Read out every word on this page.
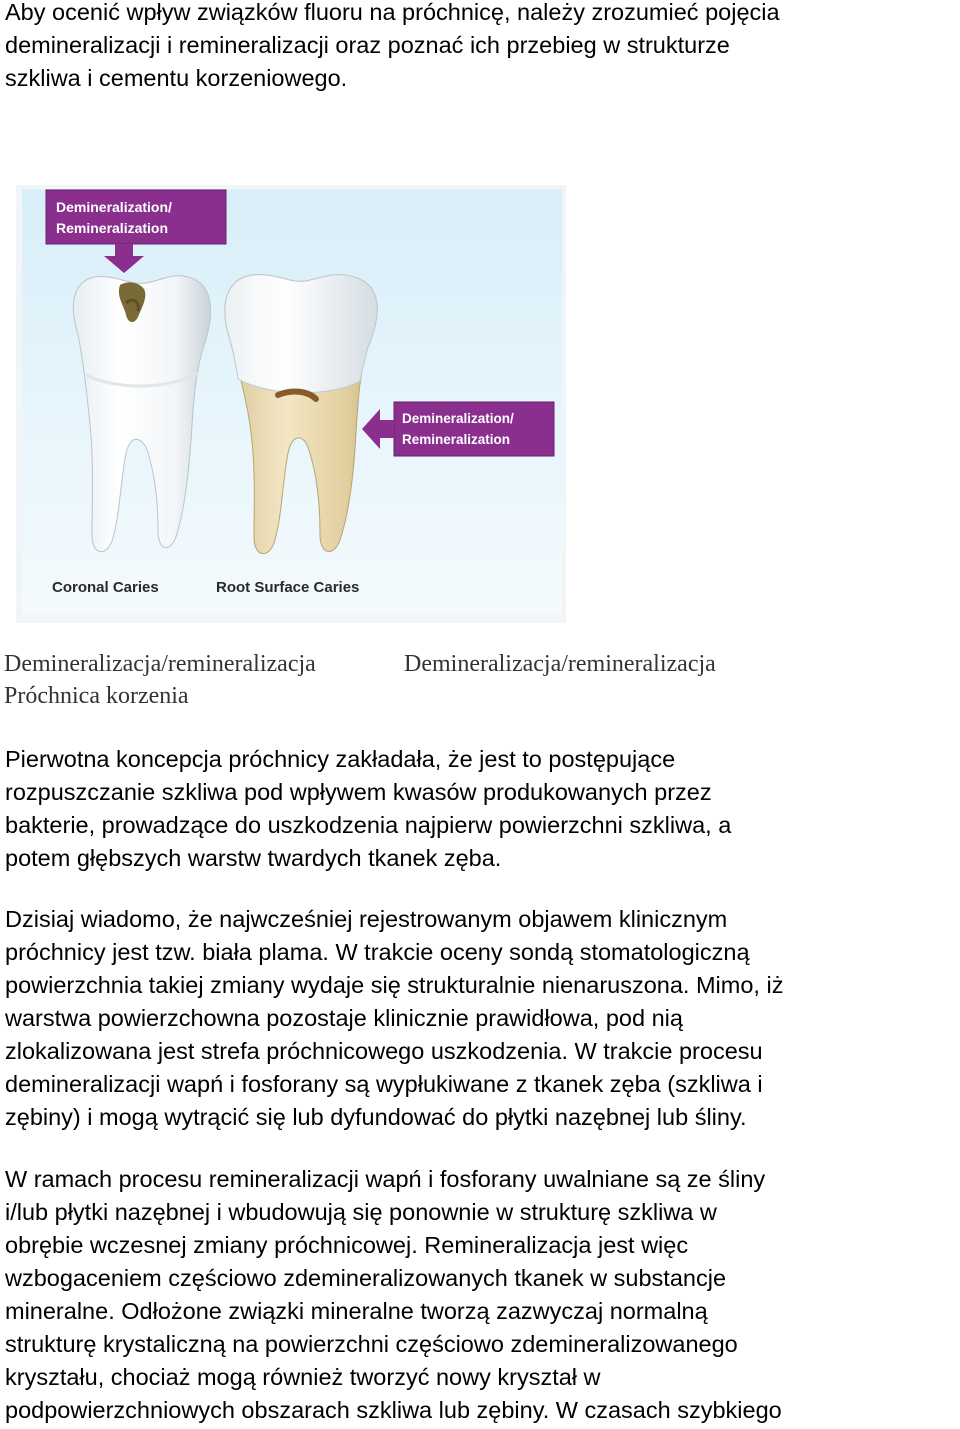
Aby ocenić wpływ związków fluoru na próchnicę, należy zrozumieć pojęcia
demineralizacji i remineralizacji oraz poznać ich przebieg w strukturze
szkliwa i cementu korzeniowego.
Demineralization/
Remineralization
Demineralization/
Remineralization
Coronal Caries	Root Surface Caries
Demineralizacja/remineralizacja
Próchnica korzenia
Demineralizacja/remineralizacja
Pierwotna koncepcja próchnicy zakładała, że jest to postępujące
rozpuszczanie szkliwa pod wpływem kwasów produkowanych przez
bakterie, prowadzące do uszkodzenia najpierw powierzchni szkliwa, a
potem głębszych warstw twardych tkanek zęba.
Dzisiaj wiadomo, że najwcześniej rejestrowanym objawem klinicznym
próchnicy jest tzw. biała plama. W trakcie oceny sondą stomatologiczną
powierzchnia takiej zmiany wydaje się strukturalnie nienaruszona. Mimo, iż
warstwa powierzchowna pozostaje klinicznie prawidłowa, pod nią
zlokalizowana jest strefa próchnicowego uszkodzenia. W trakcie procesu
demineralizacji wapń i fosforany są wypłukiwane z tkanek zęba (szkliwa i
zębiny) i mogą wytrącić się lub dyfundować do płytki nazębnej lub śliny.
W ramach procesu remineralizacji wapń i fosforany uwalniane są ze śliny
i/lub płytki nazębnej i wbudowują się ponownie w strukturę szkliwa w
obrębie wczesnej zmiany próchnicowej. Remineralizacja jest więc
wzbogaceniem częściowo zdemineralizowanych tkanek w substancje
mineralne. Odłożone związki mineralne tworzą zazwyczaj normalną
strukturę krystaliczną na powierzchni częściowo zdemineralizowanego
kryształu, chociaż mogą również tworzyć nowy kryształ w
podpowierzchniowych obszarach szkliwa lub zębiny. W czasach szybkiego
